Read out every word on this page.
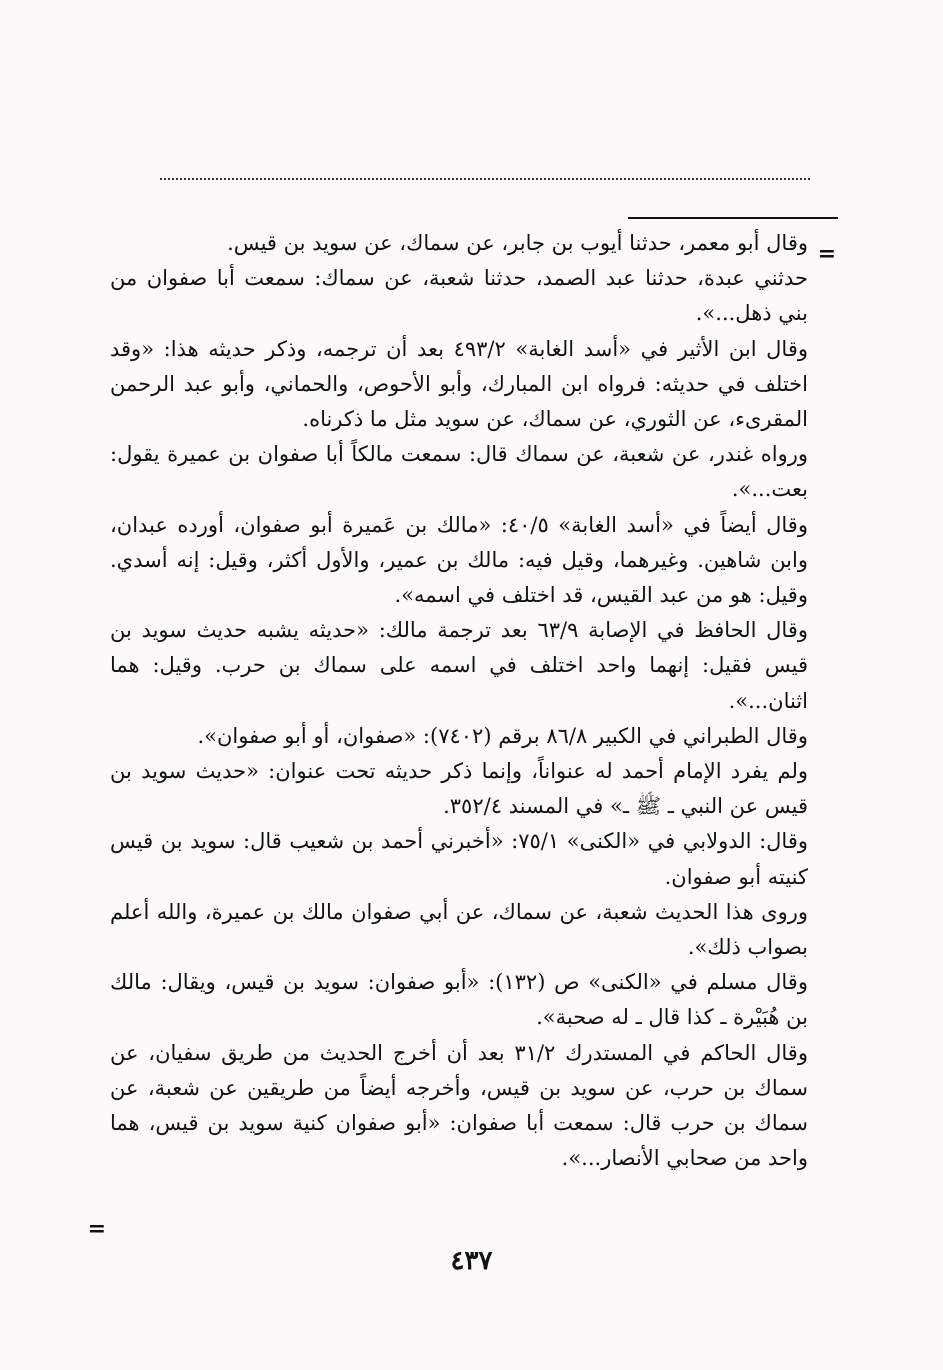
=

وقال أبو معمر، حدثنا أيوب بن جابر، عن سماك، عن سويد بن قيس.

حدثني عبدة، حدثنا عبد الصمد، حدثنا شعبة، عن سماك: سمعت أبا صفوان من بني ذهل...».

وقال ابن الأثير في «أسد الغابة» ٤٩٣/٢ بعد أن ترجمه، وذكر حديثه هذا: «وقد اختلف في حديثه: فرواه ابن المبارك، وأبو الأحوص، والحماني، وأبو عبد الرحمن المقرىء، عن الثوري، عن سماك، عن سويد مثل ما ذكرناه.

ورواه غندر، عن شعبة، عن سماك قال: سمعت مالكاً أبا صفوان بن عميرة يقول: بعت...».

وقال أيضاً في «أسد الغابة» ٤٠/٥: «مالك بن عَميرة أبو صفوان، أورده عبدان، وابن شاهين. وغيرهما، وقيل فيه: مالك بن عمير، والأول أكثر، وقيل: إنه أسدي. وقيل: هو من عبد القيس، قد اختلف في اسمه».

وقال الحافظ في الإصابة ٦٣/٩ بعد ترجمة مالك: «حديثه يشبه حديث سويد بن قيس فقيل: إنهما واحد اختلف في اسمه على سماك بن حرب. وقيل: هما اثنان...».

وقال الطبراني في الكبير ٨٦/٨ برقم (٧٤٠٢): «صفوان، أو أبو صفوان».

ولم يفرد الإمام أحمد له عنواناً، وإنما ذكر حديثه تحت عنوان: «حديث سويد بن قيس عن النبي ـ ﷺ ـ» في المسند ٣٥٢/٤.

وقال: الدولابي في «الكنى» ٧٥/١: «أخبرني أحمد بن شعيب قال: سويد بن قيس كنيته أبو صفوان.

وروى هذا الحديث شعبة، عن سماك، عن أبي صفوان مالك بن عميرة، والله أعلم بصواب ذلك».

وقال مسلم في «الكنى» ص (١٣٢): «أبو صفوان: سويد بن قيس، ويقال: مالك بن هُبَيْرة ـ كذا قال ـ له صحبة».

وقال الحاكم في المستدرك ٣١/٢ بعد أن أخرج الحديث من طريق سفيان، عن سماك بن حرب، عن سويد بن قيس، وأخرجه أيضاً من طريقين عن شعبة، عن سماك بن حرب قال: سمعت أبا صفوان: «أبو صفوان كنية سويد بن قيس، هما واحد من صحابي الأنصار...».

=
٤٣٧
